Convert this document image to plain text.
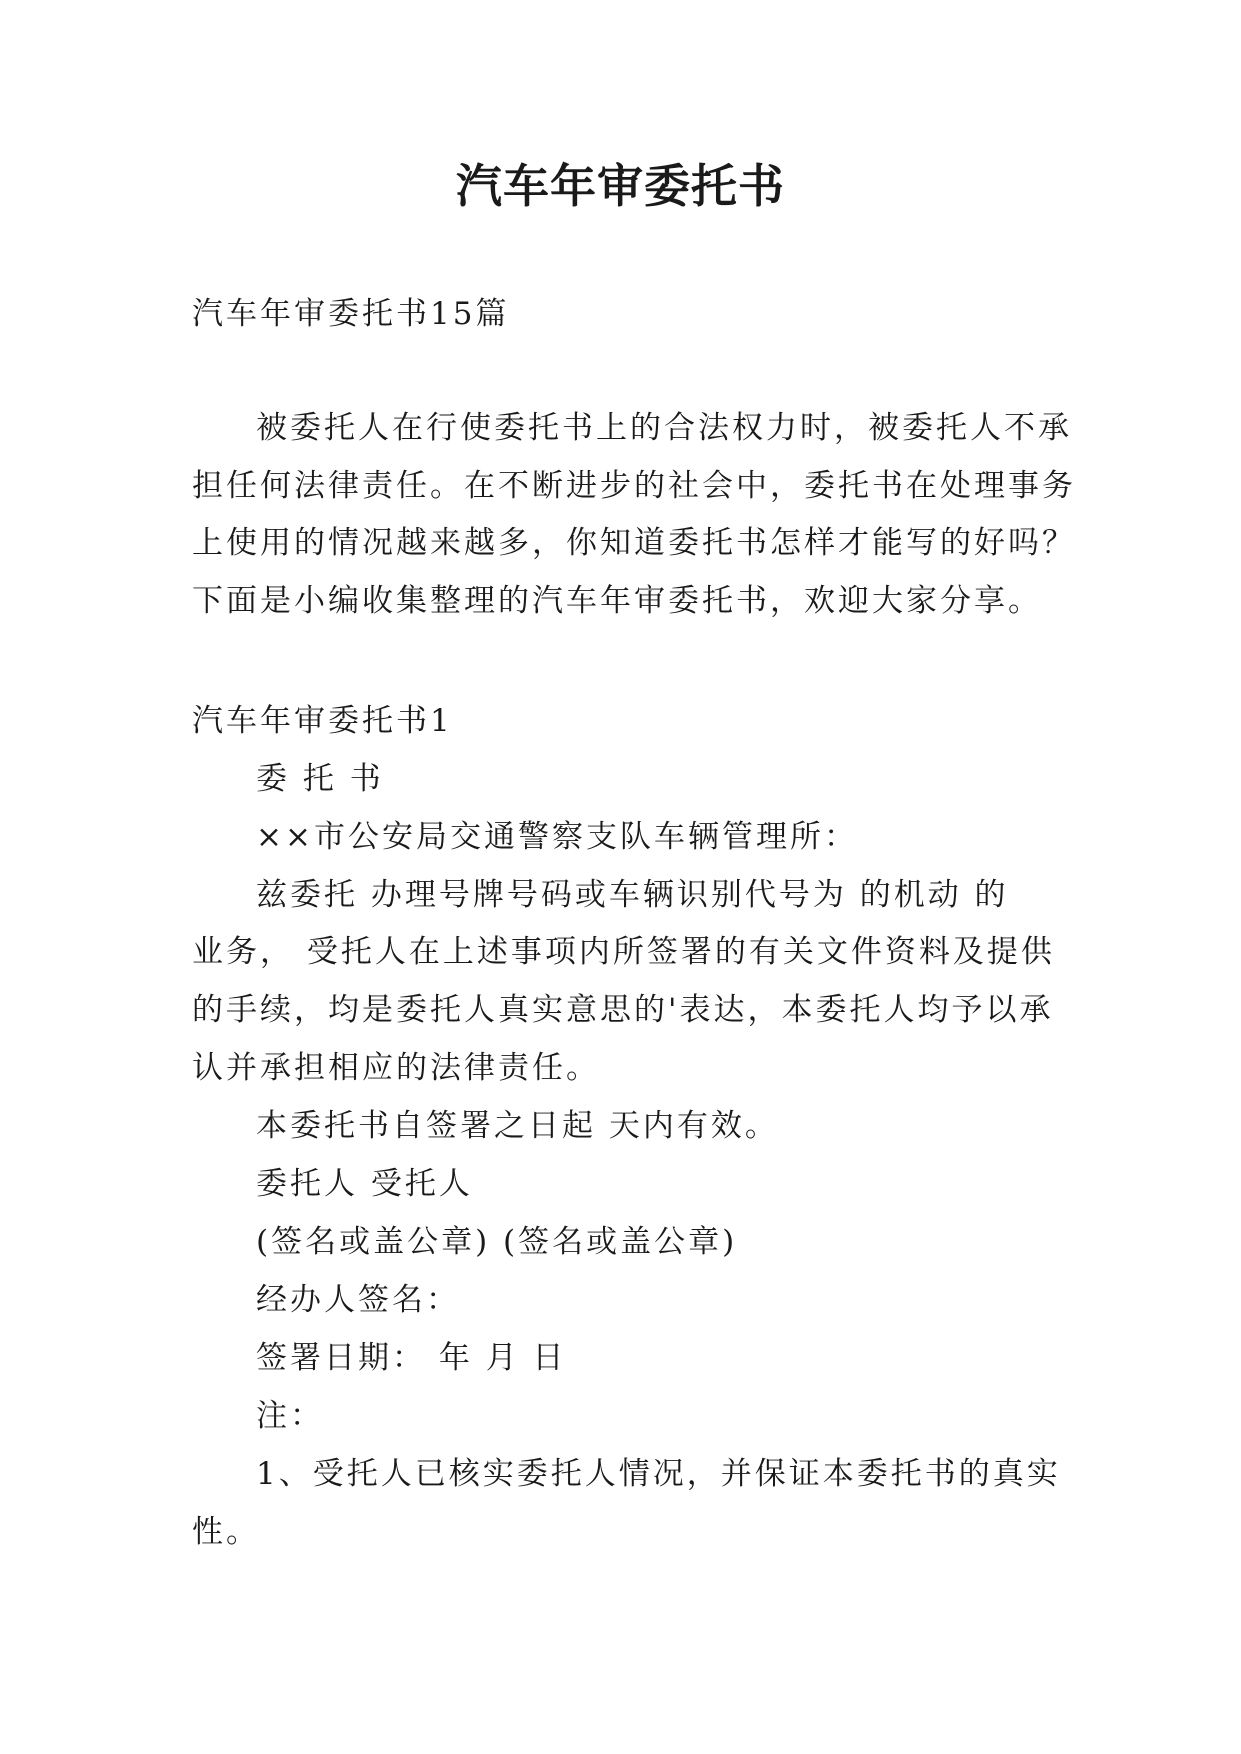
汽车年审委托书
汽车年审委托书15篇
被委托人在行使委托书上的合法权力时，被委托人不承
担任何法律责任。在不断进步的社会中，委托书在处理事务
上使用的情况越来越多，你知道委托书怎样才能写的好吗？
下面是小编收集整理的汽车年审委托书，欢迎大家分享。
汽车年审委托书1
委 托 书
××市公安局交通警察支队车辆管理所：
兹委托 办理号牌号码或车辆识别代号为 的机动 的
业务， 受托人在上述事项内所签署的有关文件资料及提供
的手续，均是委托人真实意思的'表达，本委托人均予以承
认并承担相应的法律责任。
本委托书自签署之日起 天内有效。
委托人 受托人
(签名或盖公章) (签名或盖公章)
经办人签名：
签署日期： 年 月 日
注：
1、受托人已核实委托人情况，并保证本委托书的真实
性。
